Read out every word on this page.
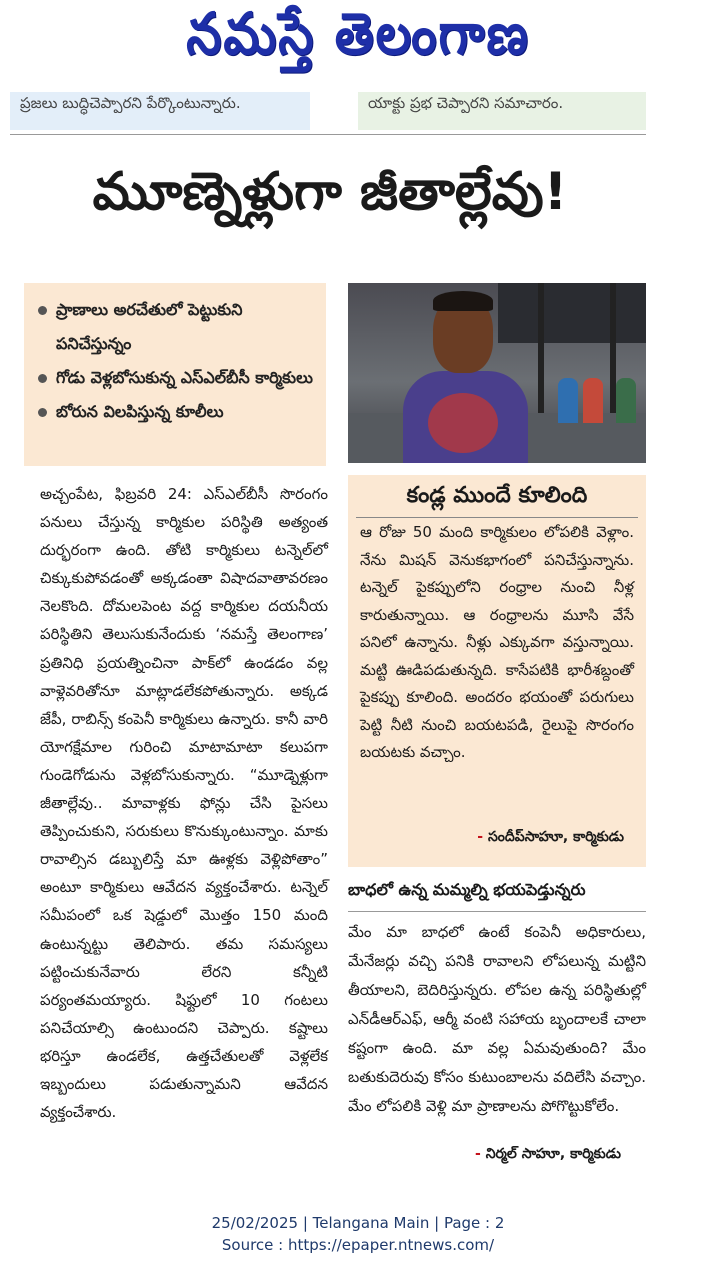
నమస్తే తెలంగాణ
ప్రజలు బుద్ధిచెప్పారని పేర్కొంటున్నారు.	యాక్టు ప్రభ చెప్పారని సమాచారం.
మూణ్నెళ్లుగా జీతాల్లేవు!
ప్రాణాలు అరచేతులో పెట్టుకుని పనిచేస్తున్నం
గోడు వెళ్లబోసుకున్న ఎస్‌ఎల్‌బీసీ కార్మికులు
బోరున విలపిస్తున్న కూలీలు
కండ్ల ముందే కూలింది
ఆ రోజు 50 మంది కార్మికులం లోపలికి వెళ్లాం. నేను మిషన్ వెనుకభాగంలో పనిచేస్తున్నాను. టన్నెల్ పైకప్పులోని రంధ్రాల నుంచి నీళ్ల కారుతున్నాయి. ఆ రంధ్రాలను మూసి వేసే పనిలో ఉన్నాను. నీళ్లు ఎక్కువగా వస్తున్నాయి. మట్టి ఊడిపడుతున్నది. కాసేపటికి భారీశబ్దంతో పైకప్పు కూలింది. అందరం భయంతో పరుగులు పెట్టి నీటి నుంచి బయటపడి, రైలుపై సొరంగం బయటకు వచ్చాం.
- సందీప్‌సాహూ, కార్మికుడు
అచ్చంపేట, ఫిబ్రవరి 24: ఎస్‌ఎల్‌బీసీ సొరంగం పనులు చేస్తున్న కార్మికుల పరిస్థితి అత్యంత దుర్భరంగా ఉంది. తోటి కార్మికులు టన్నెల్‌లో చిక్కుకుపోవడంతో అక్కడంతా విషాదవాతావరణం నెలకొంది. దోమలపెంట వద్ద కార్మికుల దయనీయ పరిస్థితిని తెలుసుకునేందుకు ‘నమస్తే తెలంగాణ’ ప్రతినిధి ప్రయత్నించినా పాక్‌లో ఉండడం వల్ల వాళ్లెవరితోనూ మాట్లాడలేకపోతున్నారు. అక్కడ జేపీ, రాబిన్స్ కంపెనీ కార్మికులు ఉన్నారు. కానీ వారి యోగక్షేమాల గురించి మాటామాటా కలుపగా గుండెగోడును వెళ్లబోసుకున్నారు. “మూడ్నెళ్లుగా జీతాల్లేవు.. మావాళ్లకు ఫోన్లు చేసి పైసలు తెప్పించుకుని, సరుకులు కొనుక్కుంటున్నాం. మాకు రావాల్సిన డబ్బులిస్తే మా ఊళ్లకు వెళ్లిపోతాం” అంటూ కార్మికులు ఆవేదన వ్యక్తంచేశారు. టన్నెల్ సమీపంలో ఒక షెడ్డులో మొత్తం 150 మంది ఉంటున్నట్టు తెలిపారు. తమ సమస్యలు పట్టించుకునేవారు లేరని కన్నీటి పర్యంతమయ్యారు. షిఫ్టులో 10 గంటలు పనిచేయాల్సి ఉంటుందని చెప్పారు. కష్టాలు భరిస్తూ ఉండలేక, ఉత్తచేతులతో వెళ్లలేక ఇబ్బందులు పడుతున్నామని ఆవేదన వ్యక్తంచేశారు.
బాధలో ఉన్న మమ్మల్ని భయపెడ్తున్నరు
మేం మా బాధలో ఉంటే కంపెనీ అధికారులు, మేనేజర్లు వచ్చి పనికి రావాలని లోపలున్న మట్టిని తీయాలని, బెదిరిస్తున్నరు. లోపల ఉన్న పరిస్థితుల్లో ఎన్‌డీఆర్‌ఎఫ్, ఆర్మీ వంటి సహాయ బృందాలకే చాలా కష్టంగా ఉంది. మా వల్ల ఏమవుతుంది? మేం బతుకుదెరువు కోసం కుటుంబాలను వదిలేసి వచ్చాం. మేం లోపలికి వెళ్లి మా ప్రాణాలను పోగొట్టుకోలేం.
- నిర్మల్ సాహూ, కార్మికుడు
25/02/2025 | Telangana Main | Page : 2
Source : https://epaper.ntnews.com/
